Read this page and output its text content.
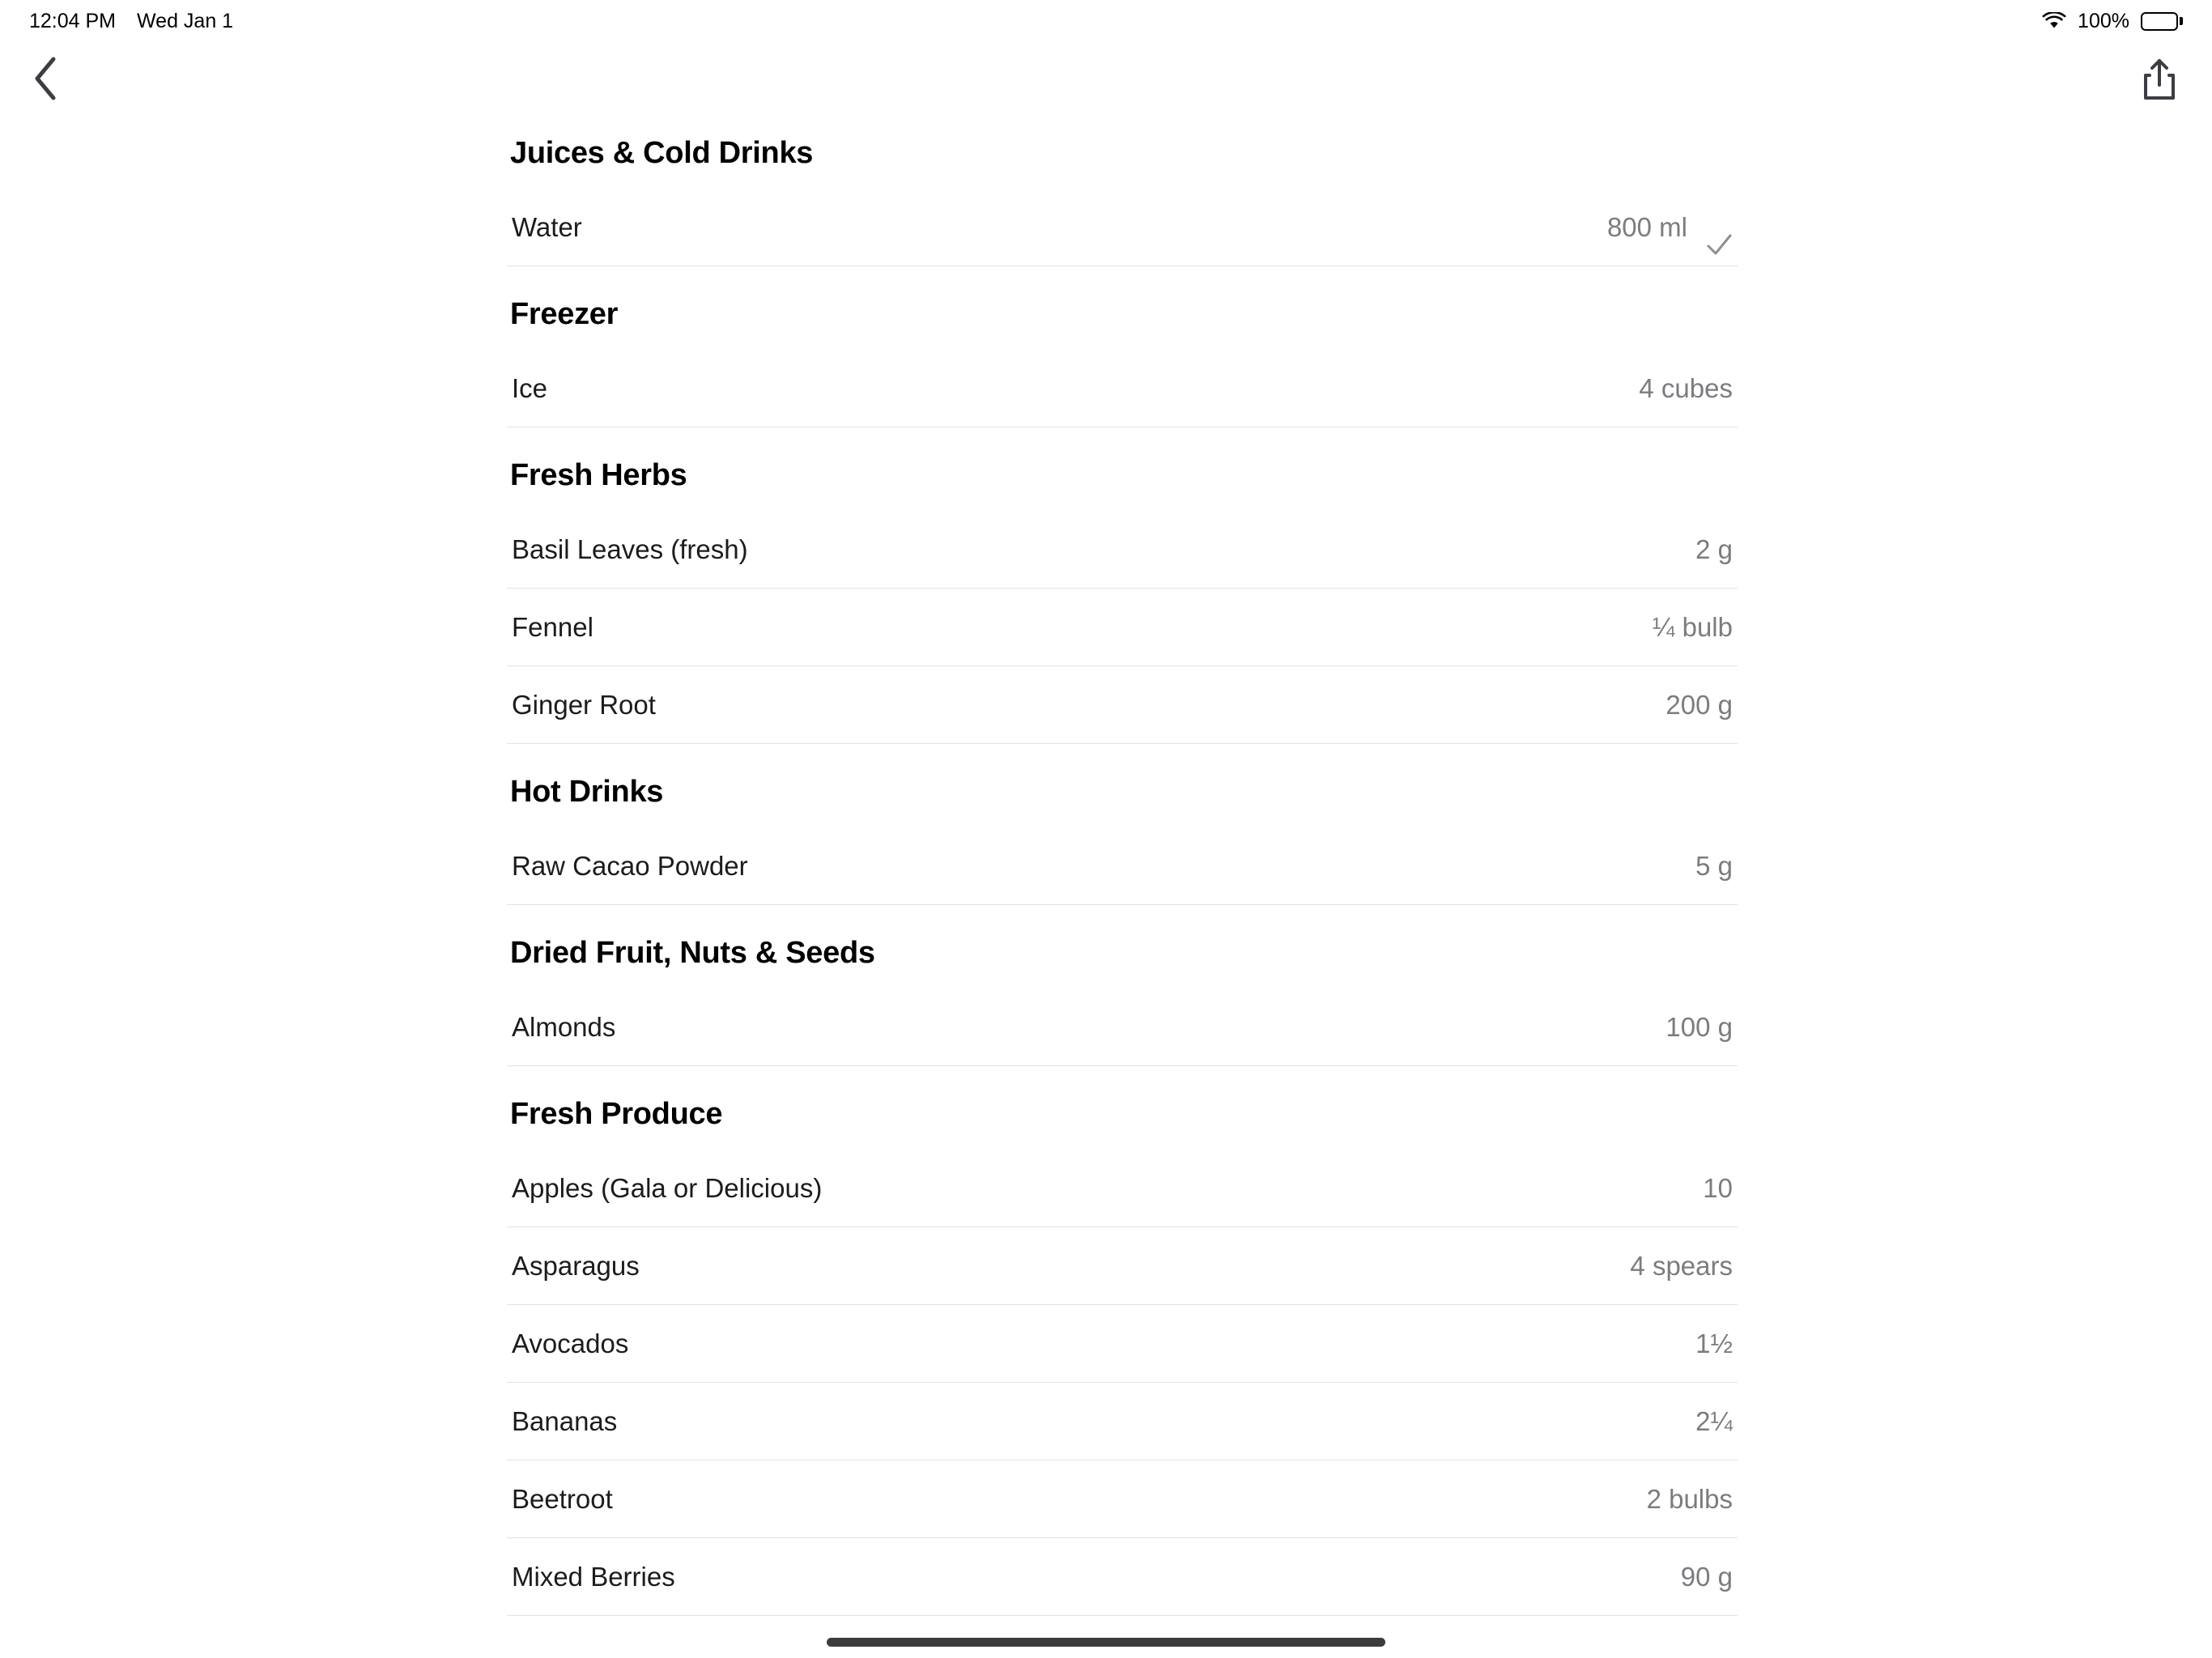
12:04 PM Wed Jan 1	100%
Juices & Cold Drinks
Water	800 ml
Freezer
Ice	4 cubes
Fresh Herbs
Basil Leaves (fresh)	2 g
Fennel	¼ bulb
Ginger Root	200 g
Hot Drinks
Raw Cacao Powder	5 g
Dried Fruit, Nuts & Seeds
Almonds	100 g
Fresh Produce
Apples (Gala or Delicious)	10
Asparagus	4 spears
Avocados	1½
Bananas	2¼
Beetroot	2 bulbs
Mixed Berries	90 g
